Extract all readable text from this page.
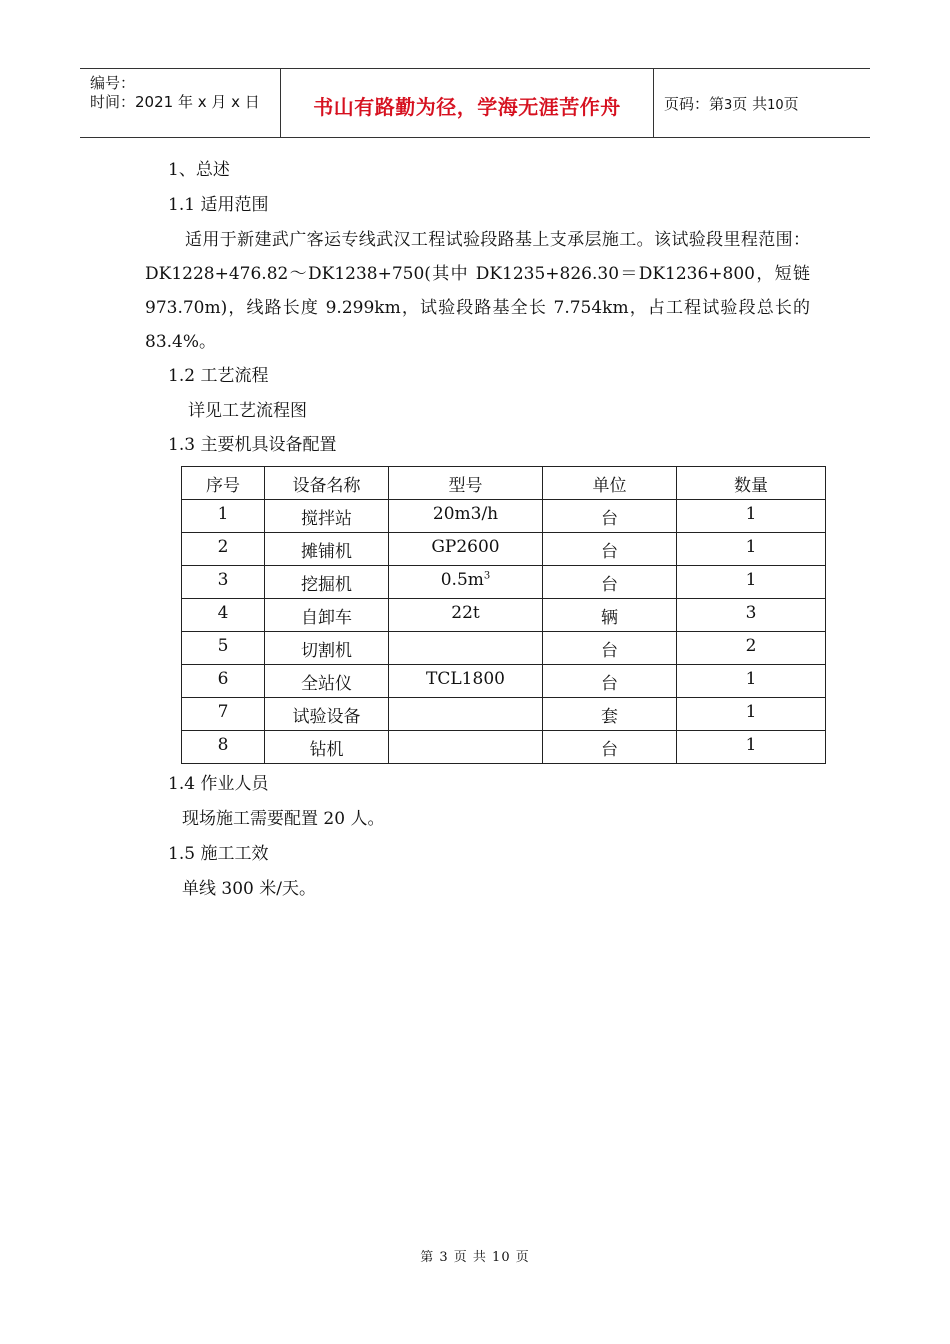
编号：
时间：2021 年 x 月 x 日	书山有路勤为径，学海无涯苦作舟	页码：第3页 共10页
1、总述
1.1 适用范围
适用于新建武广客运专线武汉工程试验段路基上支承层施工。该试验段里程范围：DK1228+476.82～DK1238+750(其中 DK1235+826.30＝DK1236+800，短链 973.70m)，线路长度 9.299km，试验段路基全长 7.754km，占工程试验段总长的 83.4%。
1.2 工艺流程
详见工艺流程图
1.3 主要机具设备配置
序号	设备名称	型号	单位	数量
1	搅拌站	20m3/h	台	1
2	摊铺机	GP2600	台	1
3	挖掘机	$0.5m^3$	台	1
4	自卸车	22t	辆	3
5	切割机		台	2
6	全站仪	TCL1800	台	1
7	试验设备		套	1
8	钻机		台	1
1.4 作业人员
现场施工需要配置 20 人。
1.5 施工工效
单线 300 米/天。
第 3 页 共 10 页
